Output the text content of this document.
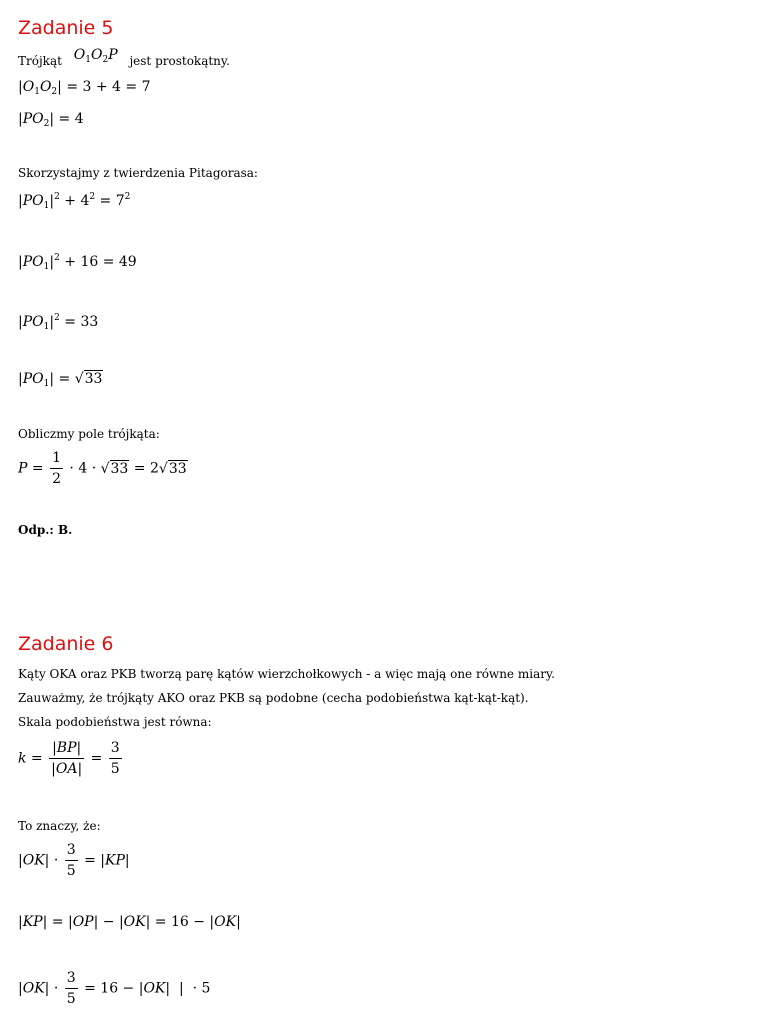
Zadanie 5
Trójkąt $O_1O_2P$ jest prostokątny.
$|O_1O_2| = 3 + 4 = 7$
$|PO_2| = 4$
Skorzystajmy z twierdzenia Pitagorasa:
$|PO_1|^2 + 4^2 = 7^2$
$|PO_1|^2 + 16 = 49$
$|PO_1|^2 = 33$
$|PO_1| = √33$
Obliczmy pole trójkąta:
$P = \frac{1}{2} \cdot 4 \cdot √33 = 2√33$
Odp.: B.
Zadanie 6
Kąty OKA oraz PKB tworzą parę kątów wierzchołkowych - a więc mają one równe miary.
Zauważmy, że trójkąty AKO oraz PKB są podobne (cecha podobieństwa kąt-kąt-kąt).
Skala podobieństwa jest równa:
$k = \frac{|BP|}{|OA|} = \frac{3}{5}$
To znaczy, że:
$|OK| \cdot \frac{3}{5} = |KP|$
|KP| = |OP| − |OK| = 16 − |OK|
$|OK| \cdot \frac{3}{5} = 16 - |OK|$  |  · 5
